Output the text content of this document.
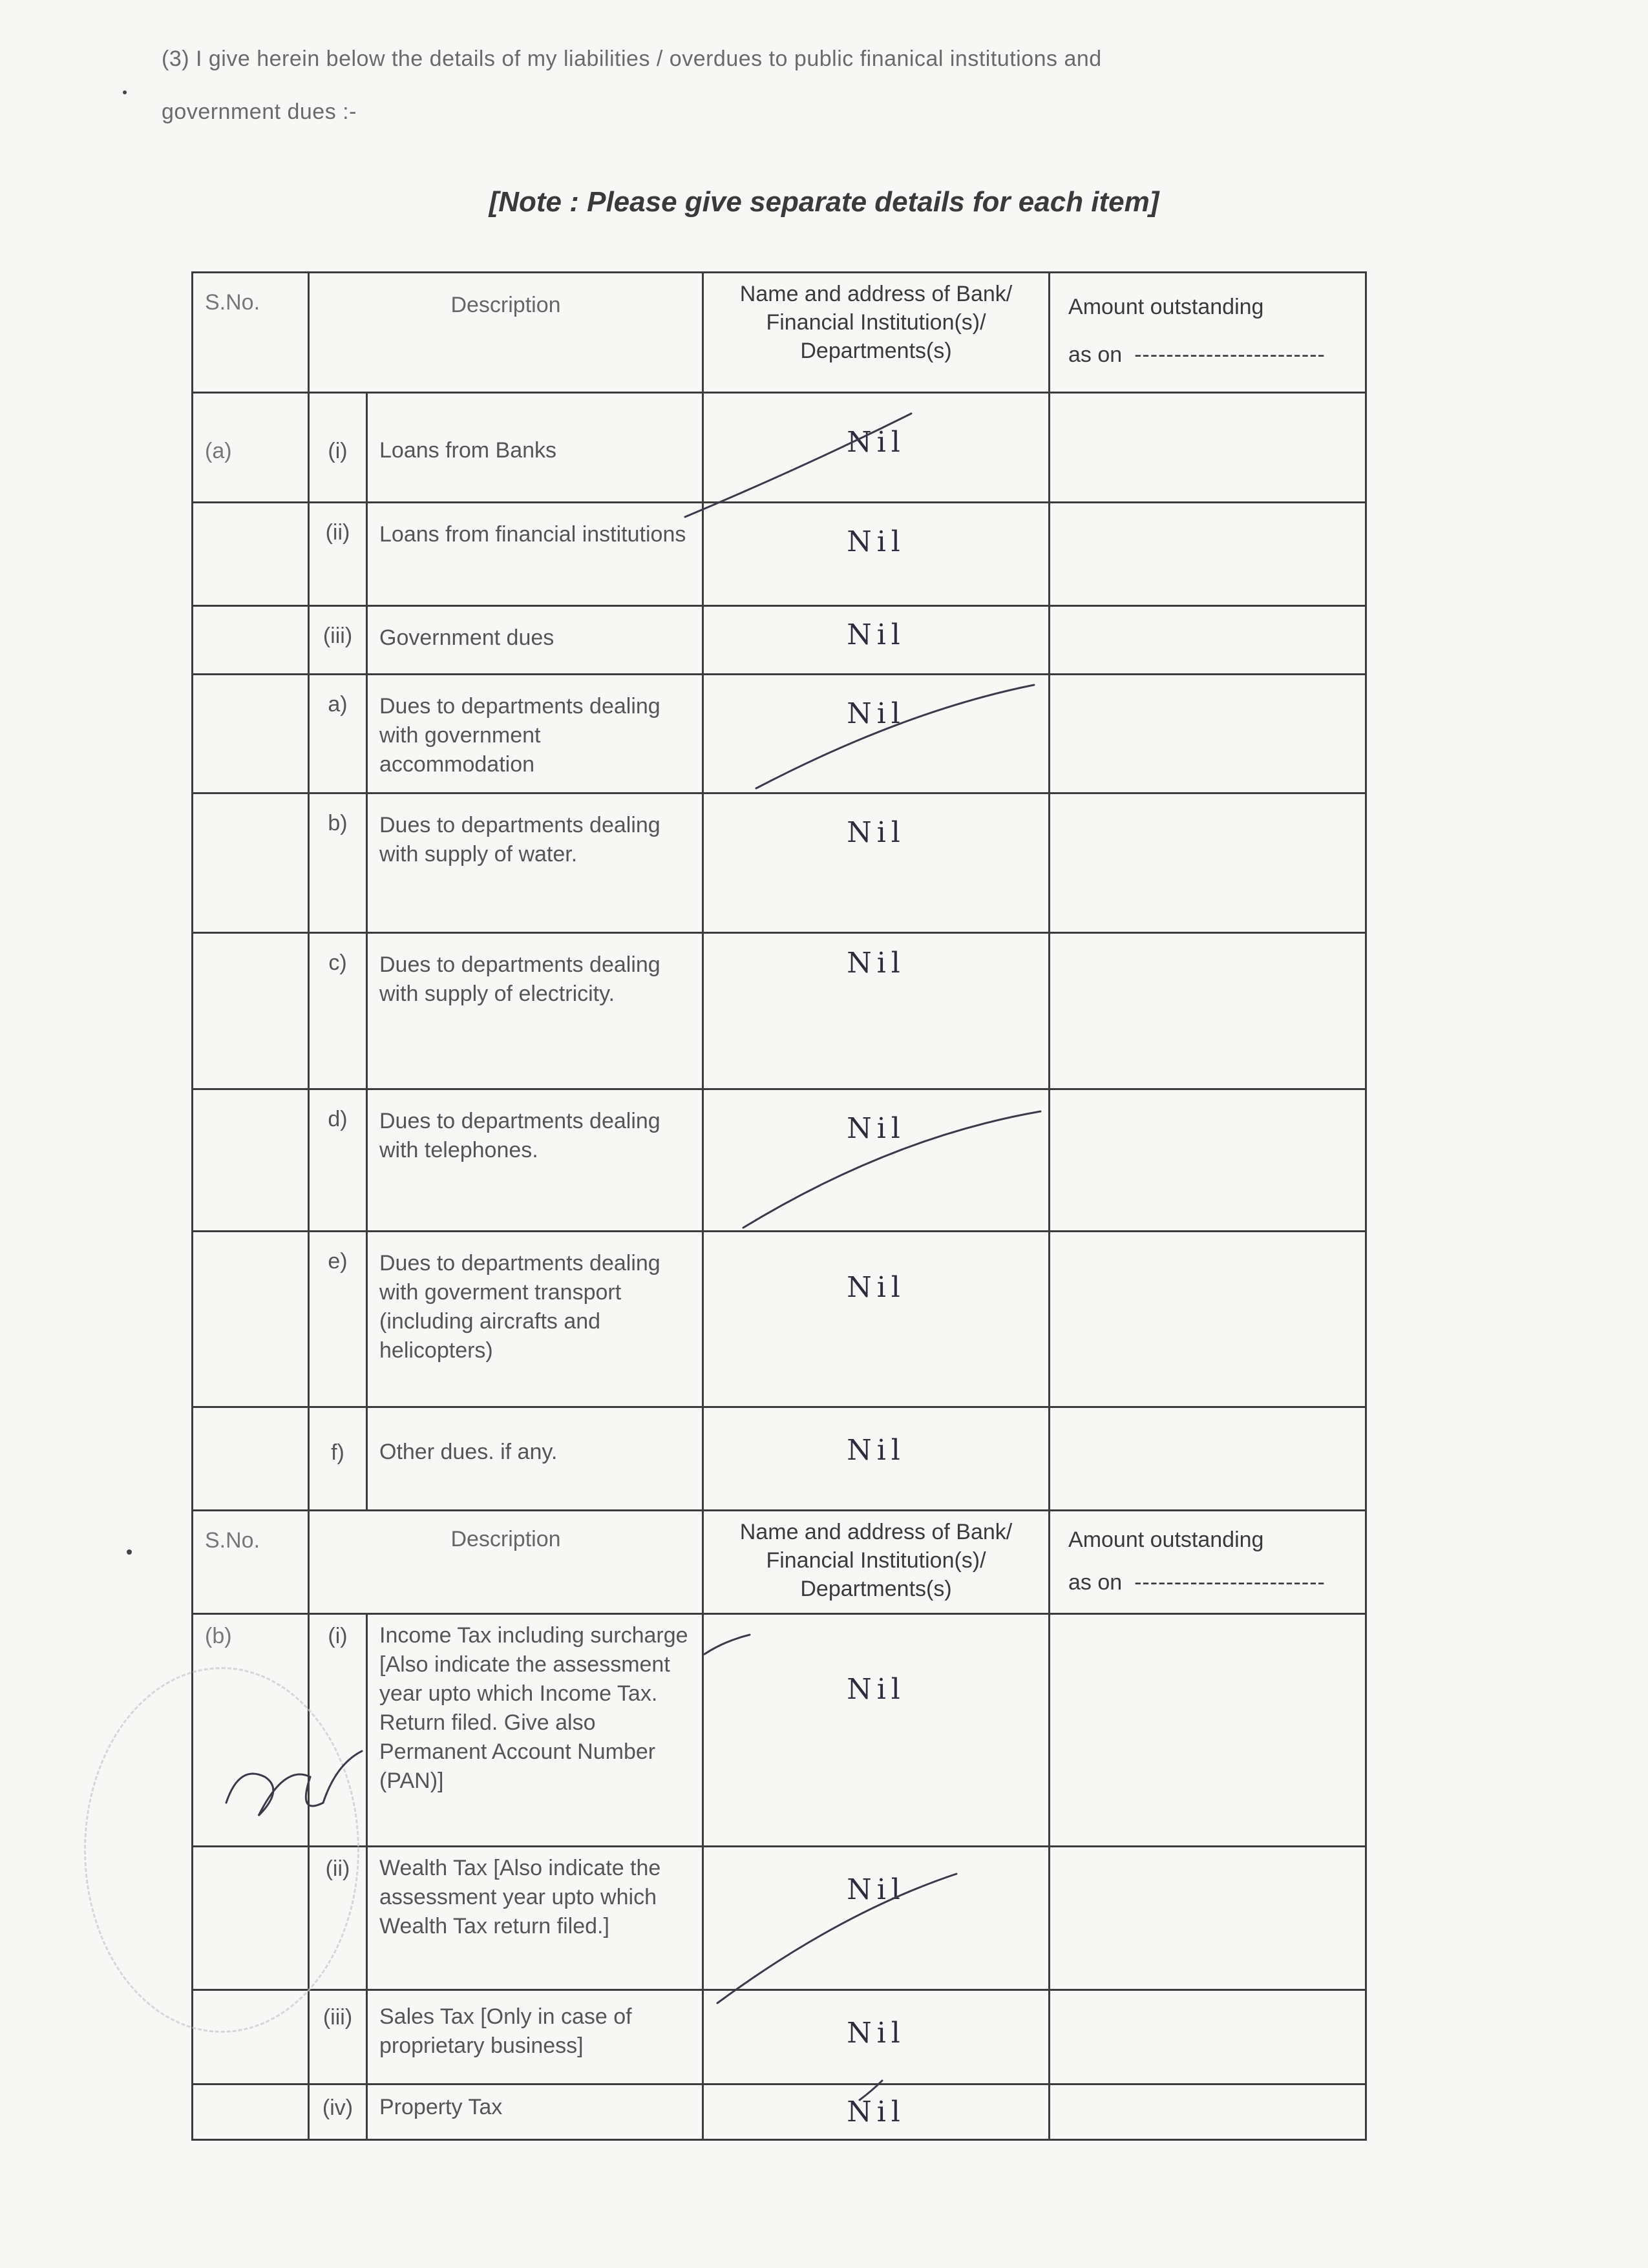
(3) I give herein below the details of my liabilities / overdues to public finanical institutions and
government dues :-
[Note : Please give separate details for each item]
S.No.	Description		Name and address of Bank/ Financial Institution(s)/ Departments(s)	Amount outstanding
as on ------------------------

(a)	(i)	Loans from Banks	Nil	
	(ii)	Loans from financial institutions	Nil	
	(iii)	Government dues	Nil	
	a)	Dues to departments dealing with government accommodation	Nil	
	b)	Dues to departments dealing with supply of water.	Nil	
	c)	Dues to departments dealing with supply of electricity.	Nil	
	d)	Dues to departments dealing with telephones.	Nil	
	e)	Dues to departments dealing with goverment transport (including aircrafts and helicopters)	Nil	
	f)	Other dues. if any.	Nil	
S.No.	Description		Name and address of Bank/ Financial Institution(s)/ Departments(s)	Amount outstanding
as on ------------------------

(b)	(i)	Income Tax including surcharge [Also indicate the assessment year upto which Income Tax. Return filed. Give also Permanent Account Number (PAN)]	Nil	
	(ii)	Wealth Tax [Also indicate the assessment year upto which Wealth Tax return filed.]	Nil	
	(iii)	Sales Tax [Only in case of proprietary business]	Nil	
	(iv)	Property Tax	Nil	
